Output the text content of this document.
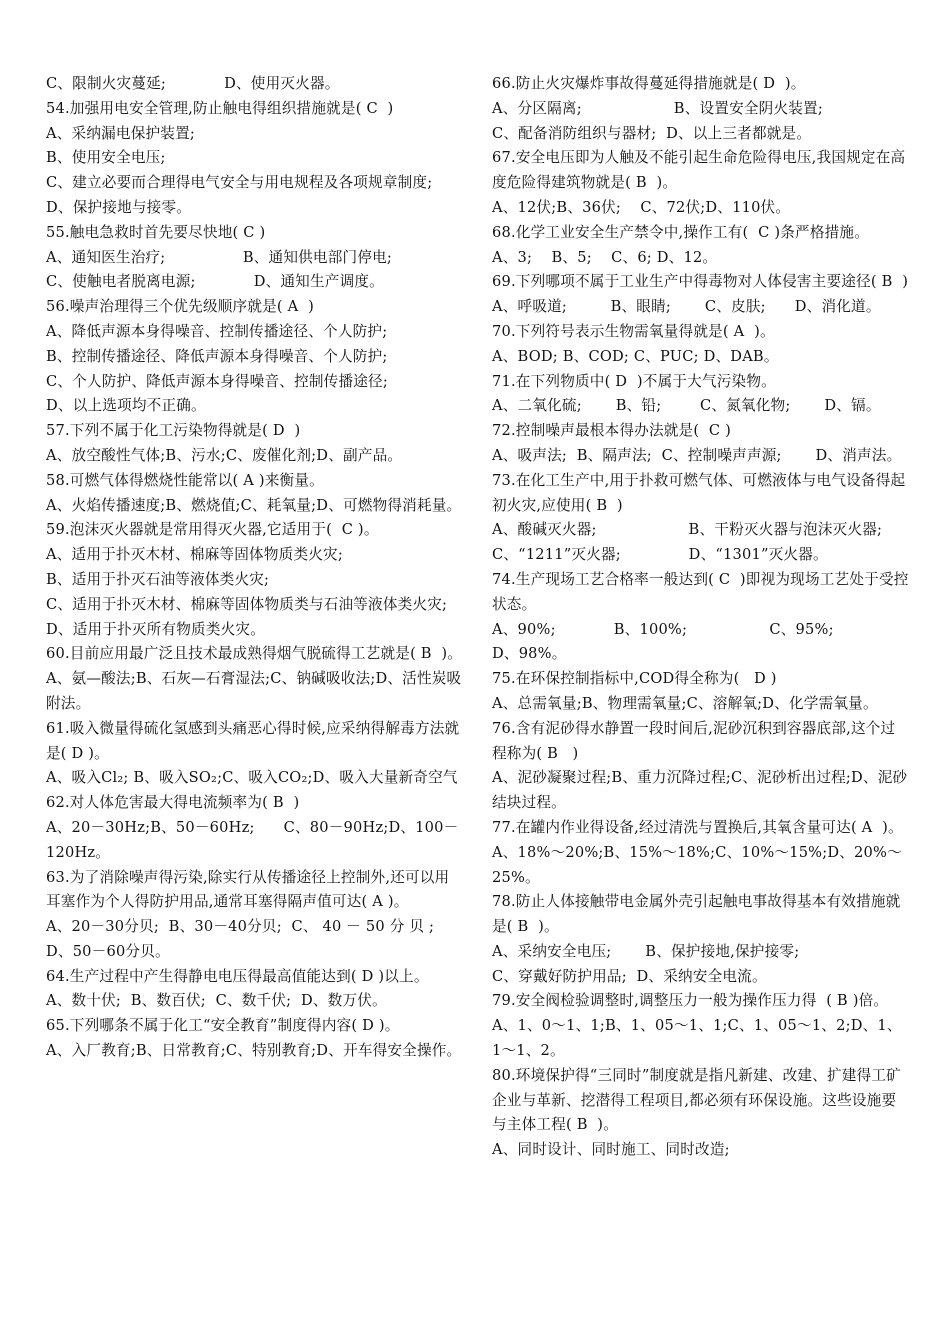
C、限制火灾蔓延;            D、使用灭火器。

54.加强用电安全管理,防止触电得组织措施就是( C  )

A、采纳漏电保护装置;

B、使用安全电压;

C、建立必要而合理得电气安全与用电规程及各项规章制度;

D、保护接地与接零。

55.触电急救时首先要尽快地( C )

A、通知医生治疗;                B、通知供电部门停电;

C、使触电者脱离电源;            D、通知生产调度。

56.噪声治理得三个优先级顺序就是( A  )

A、降低声源本身得噪音、控制传播途径、个人防护;

B、控制传播途径、降低声源本身得噪音、个人防护;

C、个人防护、降低声源本身得噪音、控制传播途径;

D、以上选项均不正确。

57.下列不属于化工污染物得就是( D  )

A、放空酸性气体;B、污水;C、废催化剂;D、副产品。

58.可燃气体得燃烧性能常以( A )来衡量。

A、火焰传播速度;B、燃烧值;C、耗氧量;D、可燃物得消耗量。

59.泡沫灭火器就是常用得灭火器,它适用于(  C )。

A、适用于扑灭木材、棉麻等固体物质类火灾;

B、适用于扑灭石油等液体类火灾;

C、适用于扑灭木材、棉麻等固体物质类与石油等液体类火灾;

D、适用于扑灭所有物质类火灾。

60.目前应用最广泛且技术最成熟得烟气脱硫得工艺就是( B  )。

A、氨—酸法;B、石灰—石膏湿法;C、钠碱吸收法;D、活性炭吸附法。

61.吸入微量得硫化氢感到头痛恶心得时候,应采纳得解毒方法就是( D )。

A、吸入Cl₂; B、吸入SO₂;C、吸入CO₂;D、吸入大量新奇空气

62.对人体危害最大得电流频率为( B  )

A、20－30Hz;B、50－60Hz;      C、80－90Hz;D、100－120Hz。

63.为了消除噪声得污染,除实行从传播途径上控制外,还可以用耳塞作为个人得防护用品,通常耳塞得隔声值可达( A )。

A、20－30分贝;  B、30－40分贝;  C、 40 － 50 分 贝 ;     D、50－60分贝。

64.生产过程中产生得静电电压得最高值能达到( D )以上。

A、数十伏;  B、数百伏;  C、数千伏;  D、数万伏。

65.下列哪条不属于化工“安全教育”制度得内容( D )。

A、入厂教育;B、日常教育;C、特别教育;D、开车得安全操作。

66.防止火灾爆炸事故得蔓延得措施就是( D  )。

A、分区隔离;                   B、设置安全阴火装置;

C、配备消防组织与器材;  D、以上三者都就是。

67.安全电压即为人触及不能引起生命危险得电压,我国规定在高度危险得建筑物就是( B  )。

A、12伏;B、36伏;    C、72伏;D、110伏。

68.化学工业安全生产禁令中,操作工有(  C )条严格措施。

A、3;    B、5;    C、6; D、12。

69.下列哪项不属于工业生产中得毒物对人体侵害主要途径( B  )

A、呼吸道;         B、眼睛;       C、皮肤;      D、消化道。

70.下列符号表示生物需氧量得就是( A  )。

A、BOD; B、COD; C、PUC; D、DAB。

71.在下列物质中( D  )不属于大气污染物。

A、二氧化硫;       B、铅;        C、氮氧化物;       D、镉。

72.控制噪声最根本得办法就是(  C )

A、吸声法;  B、隔声法;  C、控制噪声声源;       D、消声法。

73.在化工生产中,用于扑救可燃气体、可燃液体与电气设备得起初火灾,应使用( B  )

A、酸碱灭火器;                   B、干粉灭火器与泡沫灭火器;

C、“1211”灭火器;              D、“1301”灭火器。

74.生产现场工艺合格率一般达到( C  )即视为现场工艺处于受控状态。

A、90%;            B、100%;                 C、95%;             D、98%。

75.在环保控制指标中,COD得全称为(   D )

A、总需氧量;B、物理需氧量;C、溶解氧;D、化学需氧量。

76.含有泥砂得水静置一段时间后,泥砂沉积到容器底部,这个过程称为( B   )

A、泥砂凝聚过程;B、重力沉降过程;C、泥砂析出过程;D、泥砂结块过程。

77.在罐内作业得设备,经过清洗与置换后,其氧含量可达( A  )。

A、18%～20%;B、15%～18%;C、10%～15%;D、20%～25%。

78.防止人体接触带电金属外壳引起触电事故得基本有效措施就是( B  )。

A、采纳安全电压;       B、保护接地,保护接零;

C、穿戴好防护用品;  D、采纳安全电流。

79.安全阀检验调整时,调整压力一般为操作压力得  ( B )倍。

A、1、0～1、1;B、1、05～1、1;C、1、05～1、2;D、1、1～1、2。

80.环境保护得“三同时”制度就是指凡新建、改建、扩建得工矿企业与革新、挖潜得工程项目,都必须有环保设施。这些设施要与主体工程( B  )。

A、同时设计、同时施工、同时改造;
